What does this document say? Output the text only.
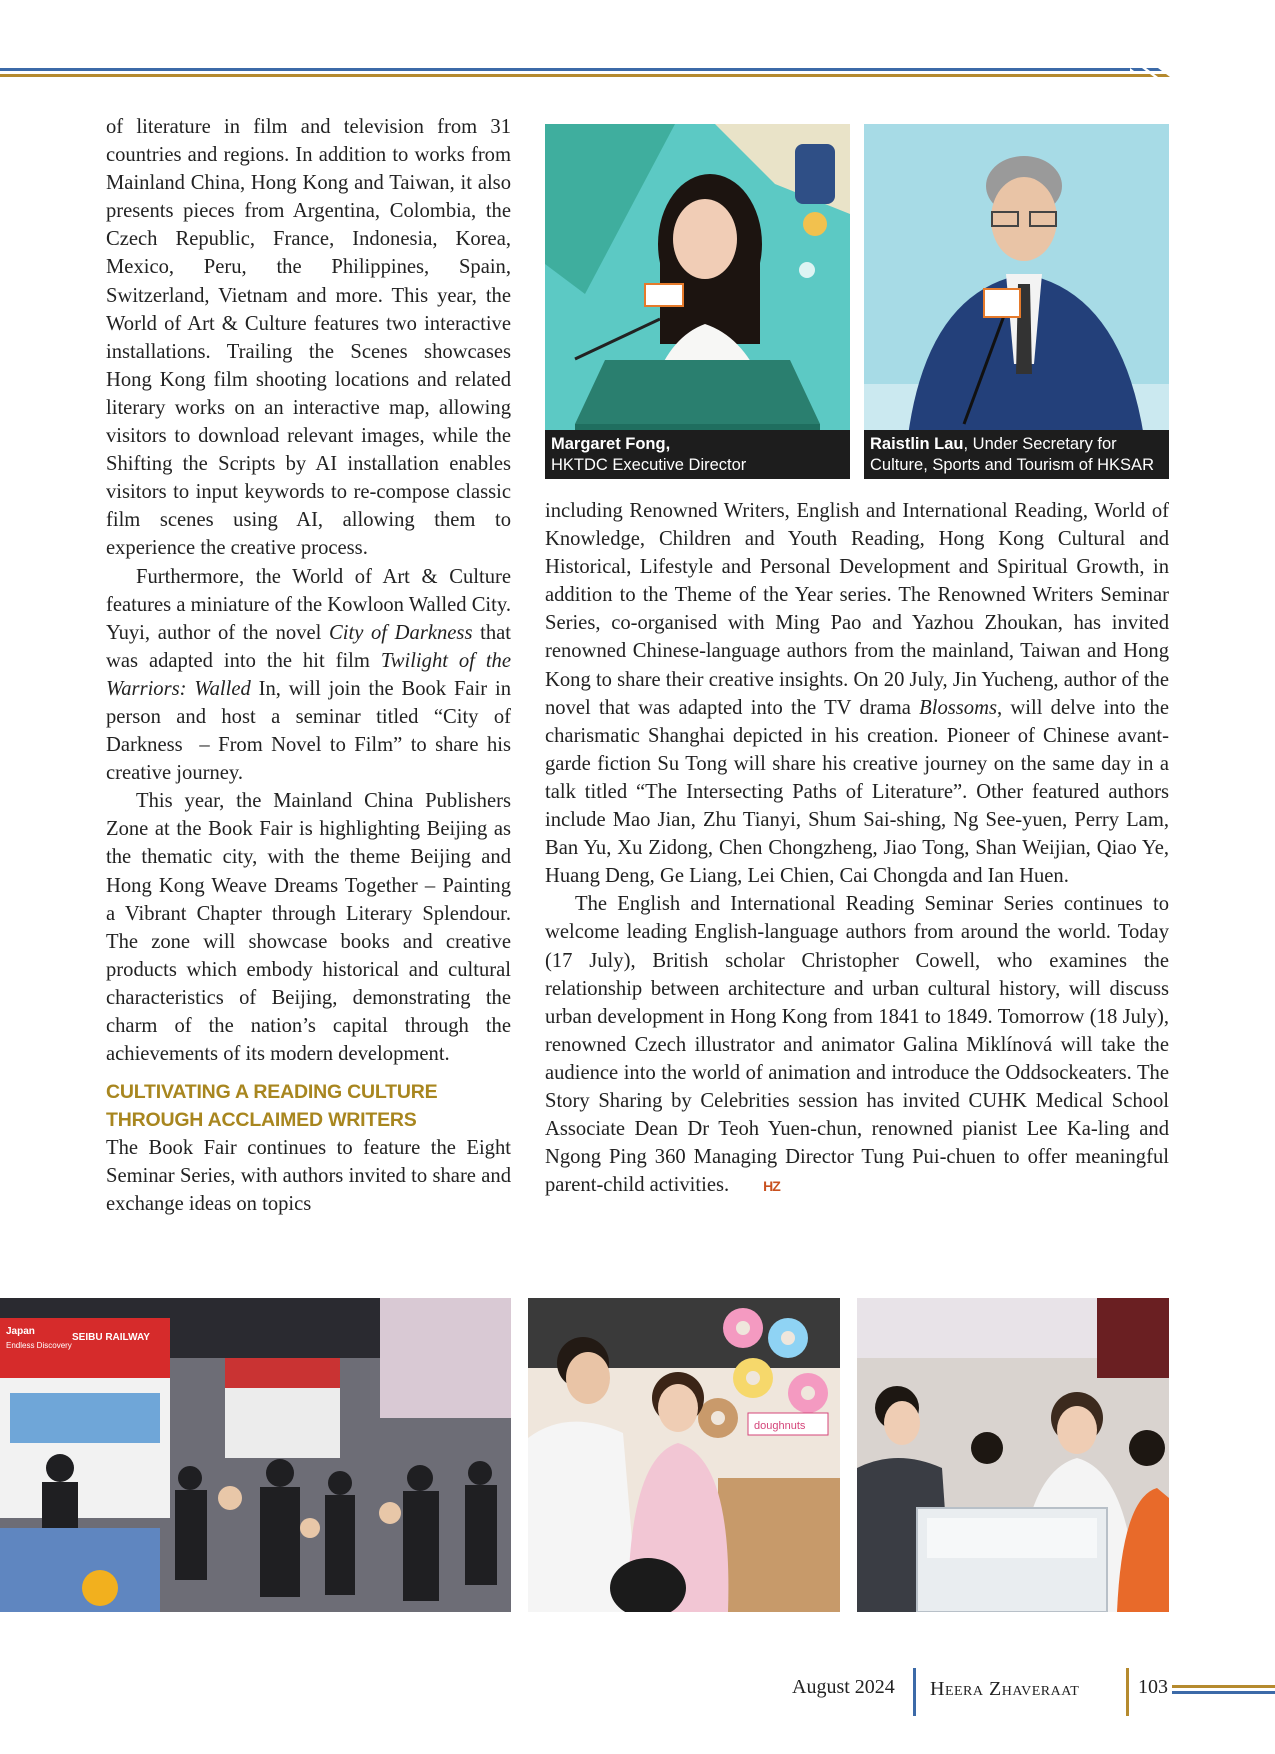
of literature in film and television from 31 countries and regions. In addition to works from Mainland China, Hong Kong and Taiwan, it also presents pieces from Argentina, Colombia, the Czech Republic, France, Indonesia, Korea, Mexico, Peru, the Philippines, Spain, Switzerland, Vietnam and more. This year, the World of Art & Culture features two interactive installations. Trailing the Scenes showcases Hong Kong film shooting locations and related literary works on an interactive map, allowing visitors to download relevant images, while the Shifting the Scripts by AI installation enables visitors to input keywords to re-compose classic film scenes using AI, allowing them to experience the creative process.

Furthermore, the World of Art & Culture features a miniature of the Kowloon Walled City. Yuyi, author of the novel City of Darkness that was adapted into the hit film Twilight of the Warriors: Walled In, will join the Book Fair in person and host a seminar titled “City of Darkness  – From Novel to Film” to share his creative journey.

This year, the Mainland China Publishers Zone at the Book Fair is highlighting Beijing as the thematic city, with the theme Beijing and Hong Kong Weave Dreams Together – Painting a Vibrant Chapter through Literary Splendour. The zone will showcase books and creative products which embody historical and cultural characteristics of Beijing, demonstrating the charm of the nation’s capital through the achievements of its modern development.

CULTIVATING A READING CULTURE THROUGH ACCLAIMED WRITERS

The Book Fair continues to feature the Eight Seminar Series, with authors invited to share and exchange ideas on topics

Margaret Fong,
HKTDC Executive Director
Raistlin Lau, Under Secretary for Culture, Sports and Tourism of HKSAR

including Renowned Writers, English and International Reading, World of Knowledge, Children and Youth Reading, Hong Kong Cultural and Historical, Lifestyle and Personal Development and Spiritual Growth, in addition to the Theme of the Year series. The Renowned Writers Seminar Series, co-organised with Ming Pao and Yazhou Zhoukan, has invited renowned Chinese-language authors from the mainland, Taiwan and Hong Kong to share their creative insights. On 20 July, Jin Yucheng, author of the novel that was adapted into the TV drama Blossoms, will delve into the charismatic Shanghai depicted in his creation. Pioneer of Chinese avant-garde fiction Su Tong will share his creative journey on the same day in a talk titled “The Intersecting Paths of Literature”. Other featured authors include Mao Jian, Zhu Tianyi, Shum Sai-shing, Ng See-yuen, Perry Lam, Ban Yu, Xu Zidong, Chen Chongzheng, Jiao Tong, Shan Weijian, Qiao Ye, Huang Deng, Ge Liang, Lei Chien, Cai Chongda and Ian Huen.

The English and International Reading Seminar Series continues to welcome leading English-language authors from around the world. Today (17 July), British scholar Christopher Cowell, who examines the relationship between architecture and urban cultural history, will discuss urban development in Hong Kong from 1841 to 1849. Tomorrow (18 July), renowned Czech illustrator and animator Galina Miklínová will take the audience into the world of animation and introduce the Oddsockeaters. The Story Sharing by Celebrities session has invited CUHK Medical School Associate Dean Dr Teoh Yuen-chun, renowned pianist Lee Ka-ling and Ngong Ping 360 Managing Director Tung Pui-chuen to offer meaningful parent-child activities. HZ

SEIBU RAILWAY
Japan
Endless Discovery
doughnuts
August 2024 Heera Zhaveraat	103
